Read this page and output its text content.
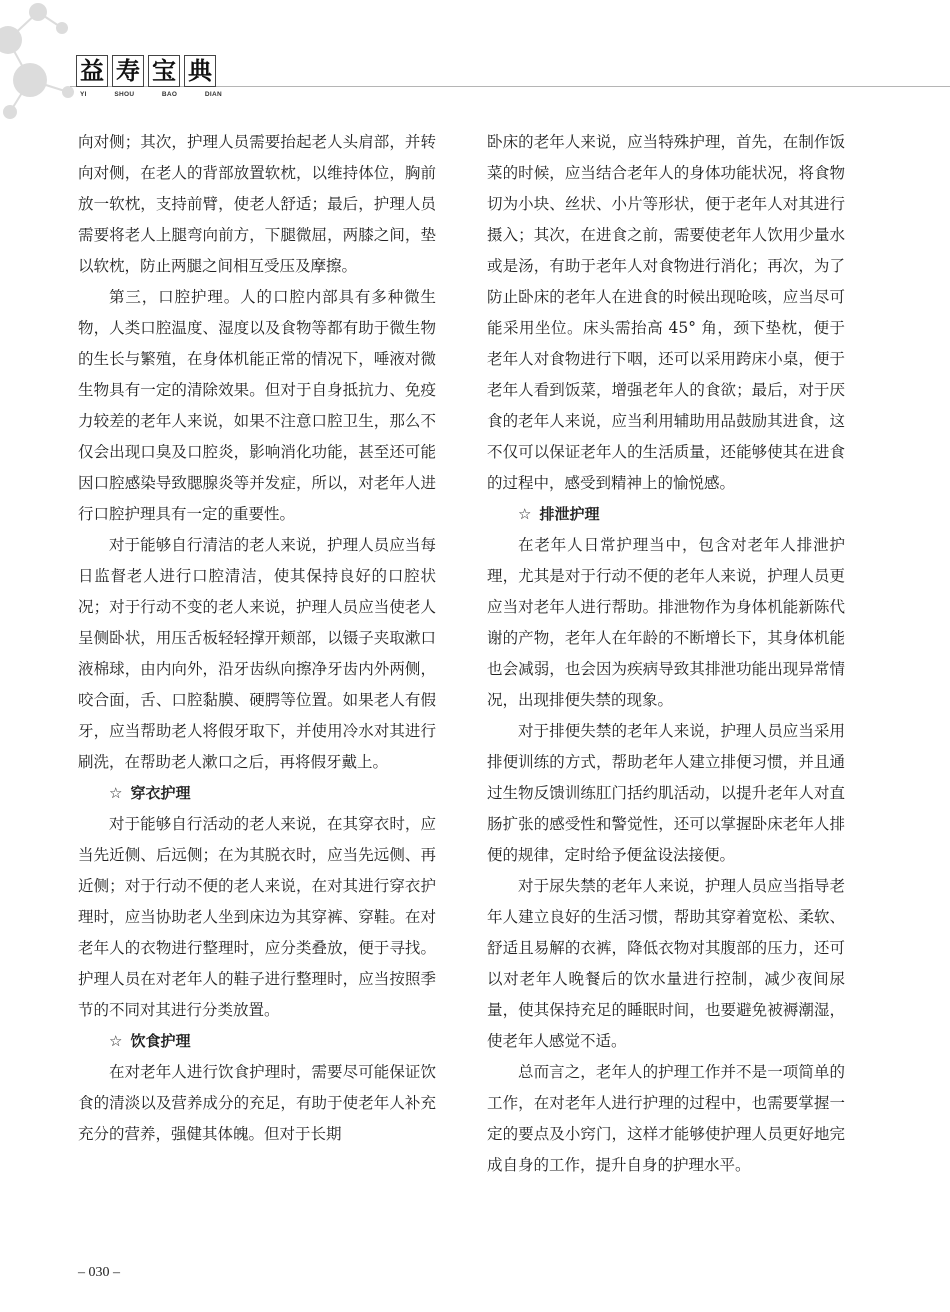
益 寿 宝 典
YI	SHOU	BAO	DIAN

向对侧；其次，护理人员需要抬起老人头肩部，并转向对侧，在老人的背部放置软枕，以维持体位，胸前放一软枕，支持前臂，使老人舒适；最后，护理人员需要将老人上腿弯向前方，下腿微屈，两膝之间，垫以软枕，防止两腿之间相互受压及摩擦。

第三，口腔护理。人的口腔内部具有多种微生物，人类口腔温度、湿度以及食物等都有助于微生物的生长与繁殖，在身体机能正常的情况下，唾液对微生物具有一定的清除效果。但对于自身抵抗力、免疫力较差的老年人来说，如果不注意口腔卫生，那么不仅会出现口臭及口腔炎，影响消化功能，甚至还可能因口腔感染导致腮腺炎等并发症，所以，对老年人进行口腔护理具有一定的重要性。

对于能够自行清洁的老人来说，护理人员应当每日监督老人进行口腔清洁，使其保持良好的口腔状况；对于行动不变的老人来说，护理人员应当使老人呈侧卧状，用压舌板轻轻撑开颊部，以镊子夹取漱口液棉球，由内向外，沿牙齿纵向擦净牙齿内外两侧，咬合面，舌、口腔黏膜、硬腭等位置。如果老人有假牙，应当帮助老人将假牙取下，并使用冷水对其进行刷洗，在帮助老人漱口之后，再将假牙戴上。

☆ 穿衣护理

对于能够自行活动的老人来说，在其穿衣时，应当先近侧、后远侧；在为其脱衣时，应当先远侧、再近侧；对于行动不便的老人来说，在对其进行穿衣护理时，应当协助老人坐到床边为其穿裤、穿鞋。在对老年人的衣物进行整理时，应分类叠放，便于寻找。护理人员在对老年人的鞋子进行整理时，应当按照季节的不同对其进行分类放置。

☆ 饮食护理

在对老年人进行饮食护理时，需要尽可能保证饮食的清淡以及营养成分的充足，有助于使老年人补充充分的营养，强健其体魄。但对于长期

卧床的老年人来说，应当特殊护理，首先，在制作饭菜的时候，应当结合老年人的身体功能状况，将食物切为小块、丝状、小片等形状，便于老年人对其进行摄入；其次，在进食之前，需要使老年人饮用少量水或是汤，有助于老年人对食物进行消化；再次，为了防止卧床的老年人在进食的时候出现呛咳，应当尽可能采用坐位。床头需抬高 45° 角，颈下垫枕，便于老年人对食物进行下咽，还可以采用跨床小桌，便于老年人看到饭菜，增强老年人的食欲；最后，对于厌食的老年人来说，应当利用辅助用品鼓励其进食，这不仅可以保证老年人的生活质量，还能够使其在进食的过程中，感受到精神上的愉悦感。

☆ 排泄护理

在老年人日常护理当中，包含对老年人排泄护理，尤其是对于行动不便的老年人来说，护理人员更应当对老年人进行帮助。排泄物作为身体机能新陈代谢的产物，老年人在年龄的不断增长下，其身体机能也会减弱，也会因为疾病导致其排泄功能出现异常情况，出现排便失禁的现象。

对于排便失禁的老年人来说，护理人员应当采用排便训练的方式，帮助老年人建立排便习惯，并且通过生物反馈训练肛门括约肌活动，以提升老年人对直肠扩张的感受性和警觉性，还可以掌握卧床老年人排便的规律，定时给予便盆设法接便。

对于尿失禁的老年人来说，护理人员应当指导老年人建立良好的生活习惯，帮助其穿着宽松、柔软、舒适且易解的衣裤，降低衣物对其腹部的压力，还可以对老年人晚餐后的饮水量进行控制，减少夜间尿量，使其保持充足的睡眠时间，也要避免被褥潮湿，使老年人感觉不适。

总而言之，老年人的护理工作并不是一项简单的工作，在对老年人进行护理的过程中，也需要掌握一定的要点及小窍门，这样才能够使护理人员更好地完成自身的工作，提升自身的护理水平。

– 030 –
